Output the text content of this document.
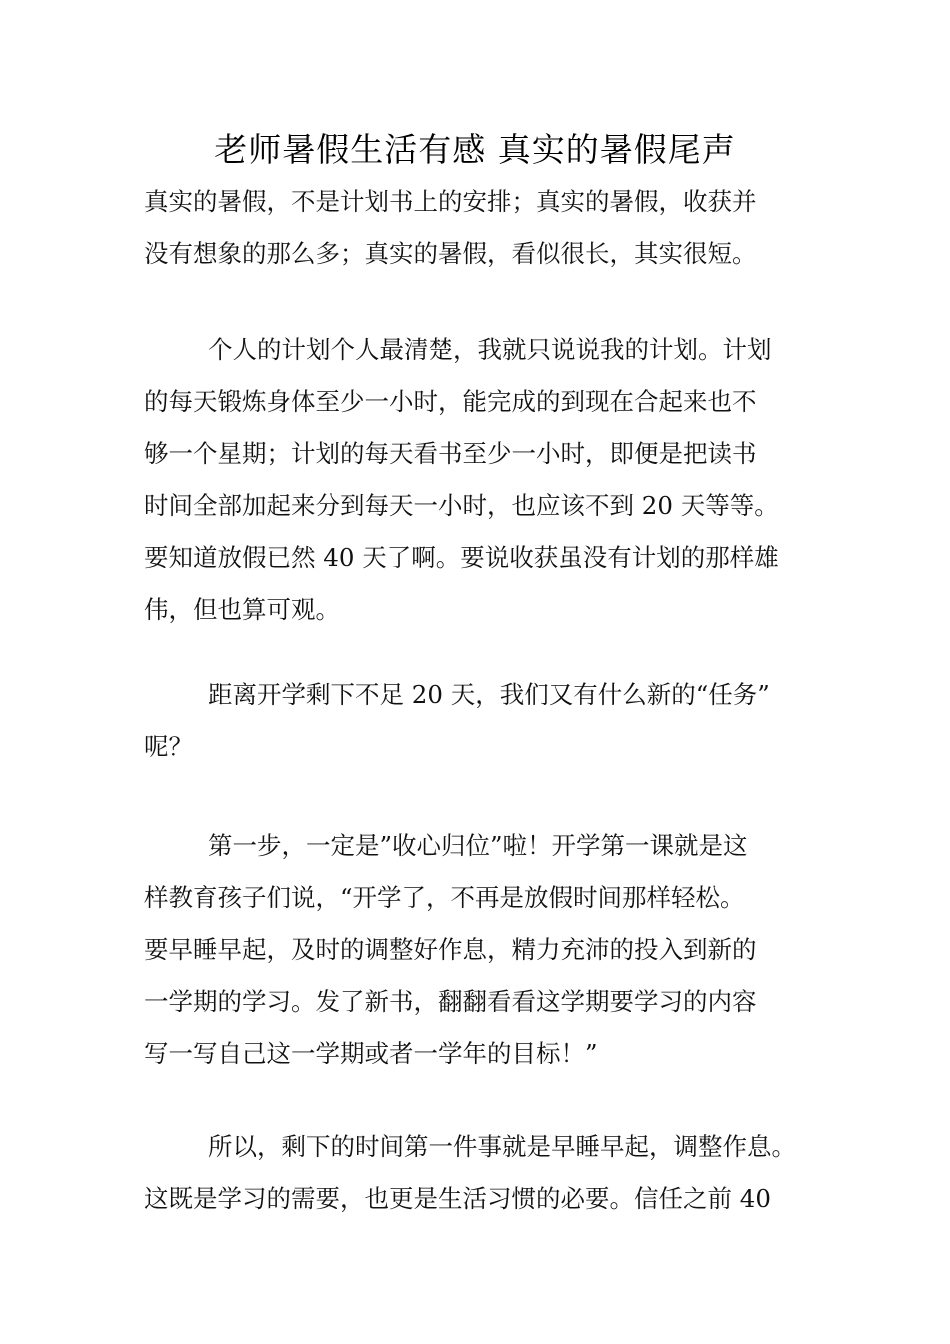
老师暑假生活有感 真实的暑假尾声
真实的暑假，不是计划书上的安排；真实的暑假，收获并
没有想象的那么多；真实的暑假，看似很长，其实很短。
个人的计划个人最清楚，我就只说说我的计划。计划
的每天锻炼身体至少一小时，能完成的到现在合起来也不
够一个星期；计划的每天看书至少一小时，即便是把读书
时间全部加起来分到每天一小时，也应该不到 20 天等等。
要知道放假已然 40 天了啊。要说收获虽没有计划的那样雄
伟，但也算可观。
距离开学剩下不足 20 天，我们又有什么新的“任务”
呢？
第一步，一定是”收心归位”啦！开学第一课就是这
样教育孩子们说，“开学了，不再是放假时间那样轻松。
要早睡早起，及时的调整好作息，精力充沛的投入到新的
一学期的学习。发了新书，翻翻看看这学期要学习的内容
写一写自己这一学期或者一学年的目标！”
所以，剩下的时间第一件事就是早睡早起，调整作息。
这既是学习的需要，也更是生活习惯的必要。信任之前 40
